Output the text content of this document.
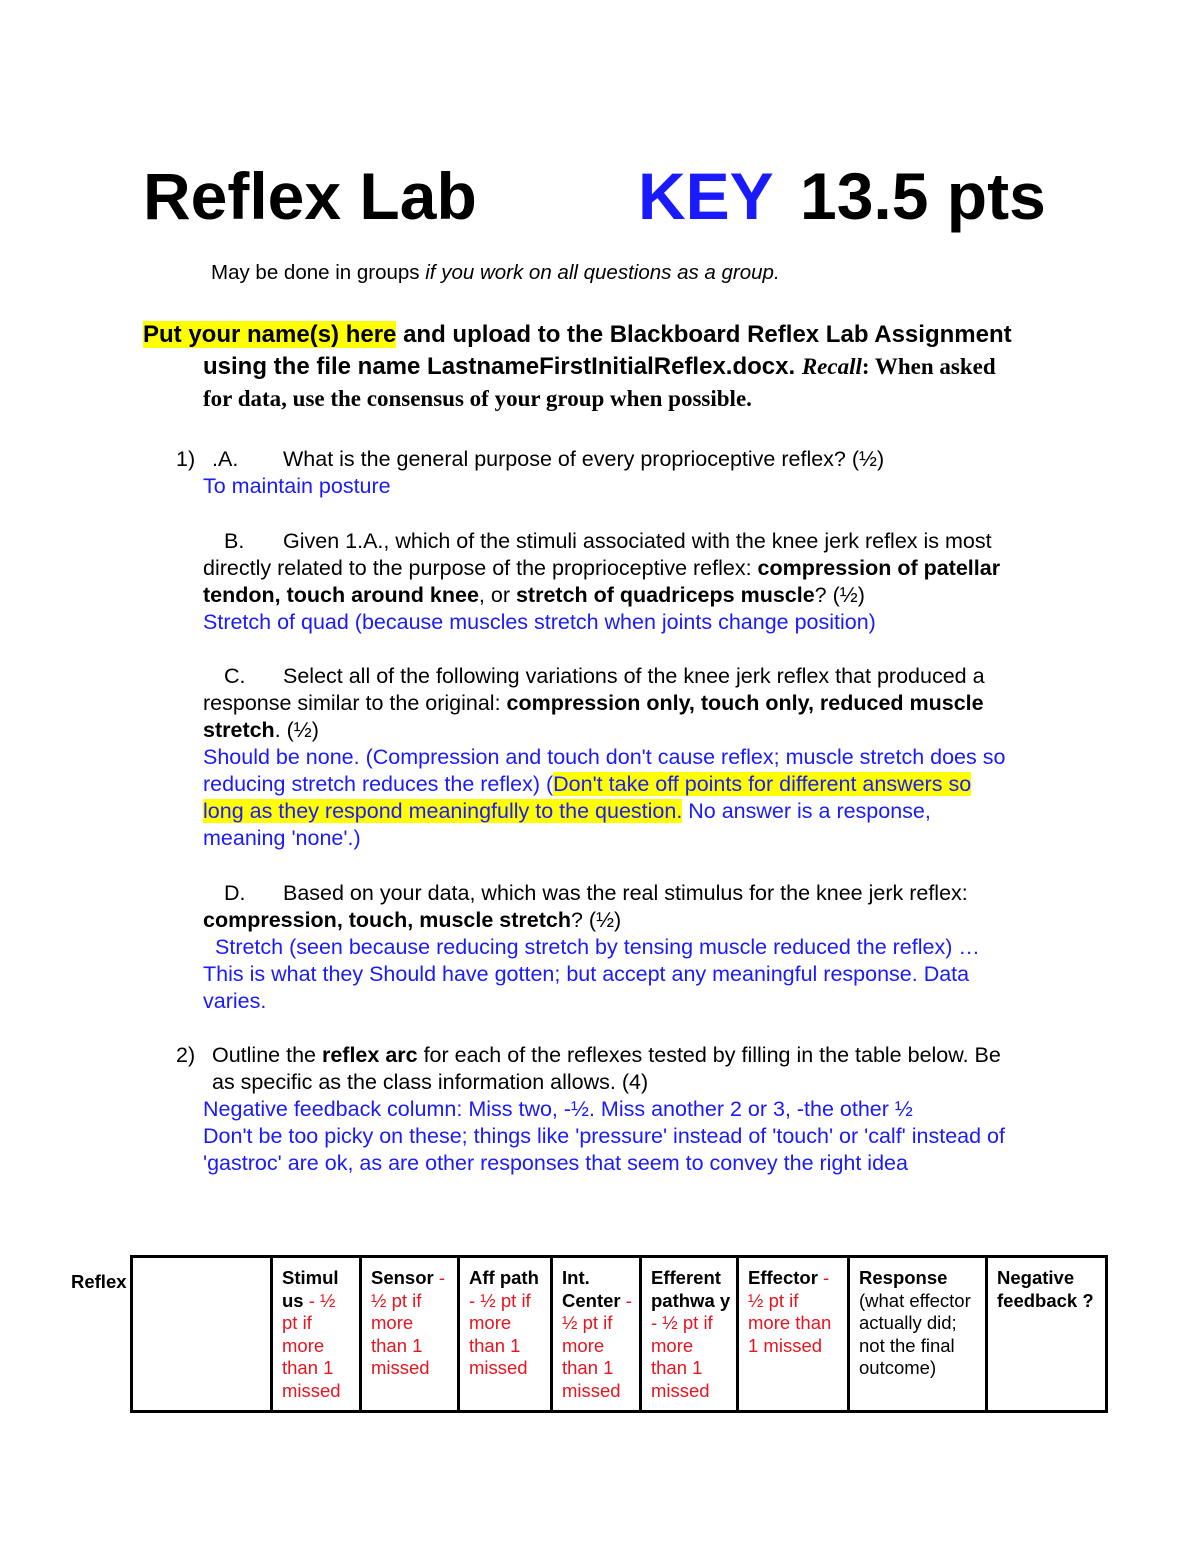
Reflex Lab KEY 13.5 pts
May be done in groups if you work on all questions as a group.
Put your name(s) here and upload to the Blackboard Reflex Lab Assignment
using the file name LastnameFirstInitialReflex.docx. Recall: When asked
for data, use the consensus of your group when possible.
1) .A. What is the general purpose of every proprioceptive reflex? (½)
To maintain posture
B. Given 1.A., which of the stimuli associated with the knee jerk reflex is most
directly related to the purpose of the proprioceptive reflex: compression of patellar
tendon, touch around knee, or stretch of quadriceps muscle? (½)
Stretch of quad (because muscles stretch when joints change position)
C. Select all of the following variations of the knee jerk reflex that produced a
response similar to the original: compression only, touch only, reduced muscle
stretch. (½)
Should be none. (Compression and touch don't cause reflex; muscle stretch does so
reducing stretch reduces the reflex) (Don't take off points for different answers so
long as they respond meaningfully to the question. No answer is a response,
meaning 'none'.)
D. Based on your data, which was the real stimulus for the knee jerk reflex:
compression, touch, muscle stretch? (½)
Stretch (seen because reducing stretch by tensing muscle reduced the reflex) …
This is what they Should have gotten; but accept any meaningful response. Data
varies.
2) Outline the reflex arc for each of the reflexes tested by filling in the table below. Be
as specific as the class information allows. (4)
Negative feedback column: Miss two, -½. Miss another 2 or 3, -the other ½
Don't be too picky on these; things like 'pressure' instead of 'touch' or 'calf' instead of
'gastroc' are ok, as are other responses that seem to convey the right idea
Reflex
		Stimul us - ½ pt if more than 1 missed	Sensor - ½ pt if more than 1 missed	Aff path - ½ pt if more than 1 missed	Int. Center - ½ pt if more than 1 missed	Efferent pathwa y - ½ pt if more than 1 missed	Effector - ½ pt if more than 1 missed	Response (what effector actually did; not the final outcome)	Negative feedback ?
